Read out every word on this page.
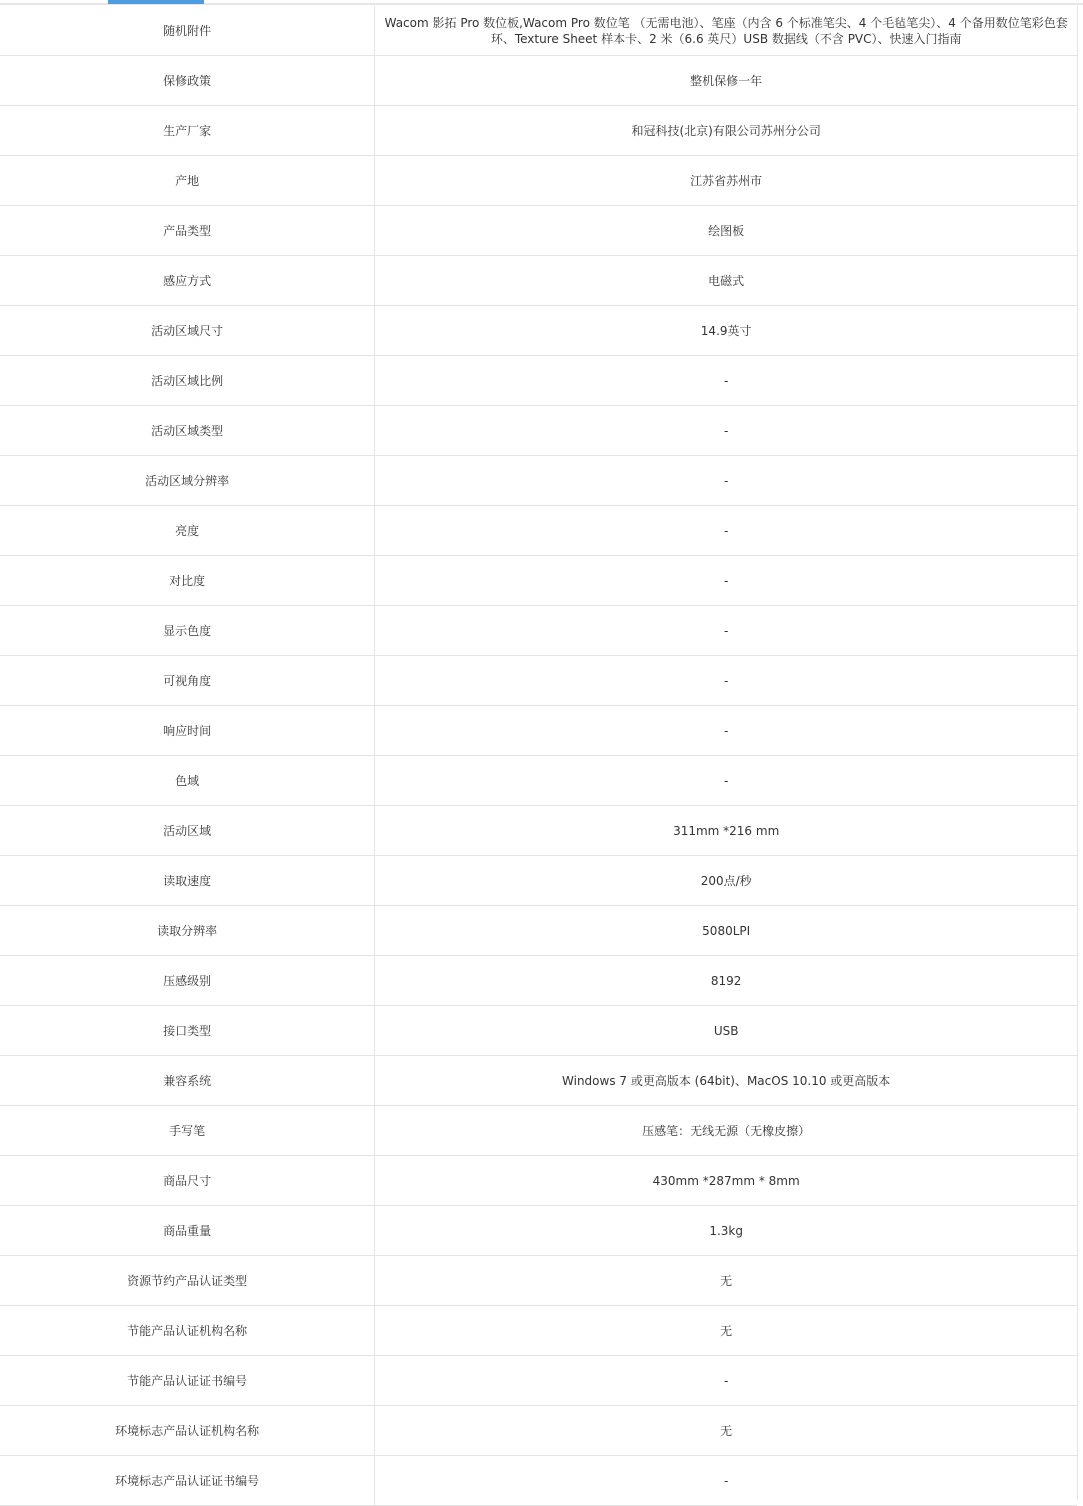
随机附件	Wacom 影拓 Pro 数位板,Wacom Pro 数位笔 （无需电池）、笔座（内含 6 个标准笔尖、4 个毛毡笔尖）、4 个备用数位笔彩色套环、Texture Sheet 样本卡、2 米（6.6 英尺）USB 数据线（不含 PVC）、快速入门指南
保修政策	整机保修一年
生产厂家	和冠科技(北京)有限公司苏州分公司
产地	江苏省苏州市
产品类型	绘图板
感应方式	电磁式
活动区域尺寸	14.9英寸
活动区域比例	-
活动区域类型	-
活动区域分辨率	-
亮度	-
对比度	-
显示色度	-
可视角度	-
响应时间	-
色域	-
活动区域	311mm *216 mm
读取速度	200点/秒
读取分辨率	5080LPI
压感级别	8192
接口类型	USB
兼容系统	Windows 7 或更高版本 (64bit)、MacOS 10.10 或更高版本
手写笔	压感笔：无线无源（无橡皮擦）
商品尺寸	430mm *287mm * 8mm
商品重量	1.3kg
资源节约产品认证类型	无
节能产品认证机构名称	无
节能产品认证证书编号	-
环境标志产品认证机构名称	无
环境标志产品认证证书编号	-
